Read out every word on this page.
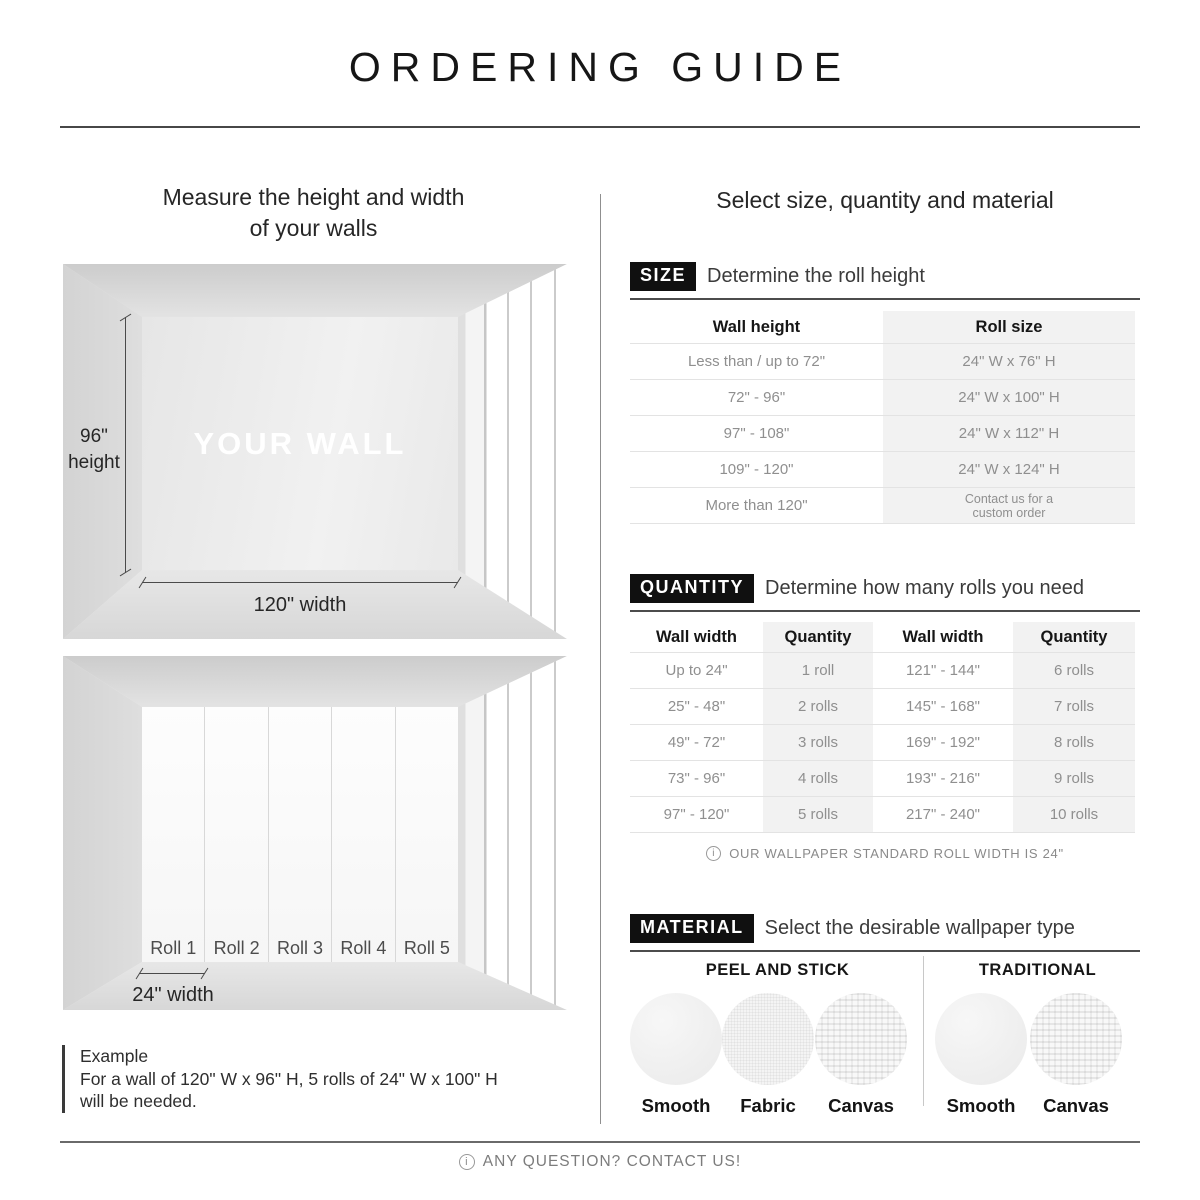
ORDERING GUIDE
Measure the height and width
of your walls
YOUR WALL
96"
height
120" width
Roll 1 Roll 2 Roll 3 Roll 4 Roll 5
24" width
Example
For a wall of 120" W x 96" H, 5 rolls of 24" W x 100" H
will be needed.
Select size, quantity and material
SIZE	Determine the roll height
Wall height	Roll size
Less than / up to 72"	24" W x 76" H
72" - 96"	24" W x 100" H
97" - 108"	24" W x 112" H
109" - 120"	24" W x 124" H
More than 120"	Contact us for a custom order
QUANTITY	Determine how many rolls you need
Wall width	Quantity	Wall width	Quantity
Up to 24"	1 roll	121" - 144"	6 rolls
25" - 48"	2 rolls	145" - 168"	7 rolls
49" - 72"	3 rolls	169" - 192"	8 rolls
73" - 96"	4 rolls	193" - 216"	9 rolls
97" - 120"	5 rolls	217" - 240"	10 rolls
i	OUR WALLPAPER STANDARD ROLL WIDTH IS 24"
MATERIAL	Select the desirable wallpaper type
PEEL AND STICK	TRADITIONAL
Smooth	Fabric	Canvas	Smooth	Canvas
i ANY QUESTION? CONTACT US!
